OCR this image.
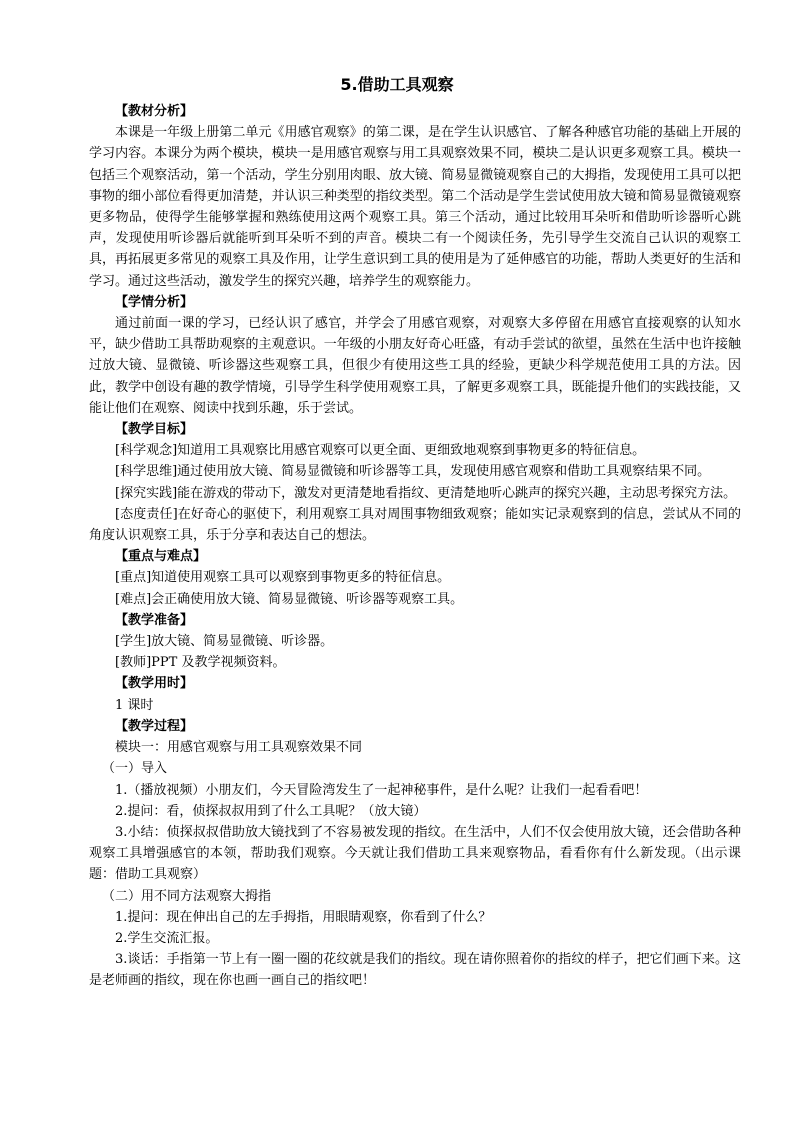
5.借助工具观察

【教材分析】

本课是一年级上册第二单元《用感官观察》的第二课，是在学生认识感官、了解各种感官功能的基础上开展的学习内容。本课分为两个模块，模块一是用感官观察与用工具观察效果不同，模块二是认识更多观察工具。模块一包括三个观察活动，第一个活动，学生分别用肉眼、放大镜、简易显微镜观察自己的大拇指，发现使用工具可以把事物的细小部位看得更加清楚，并认识三种类型的指纹类型。第二个活动是学生尝试使用放大镜和简易显微镜观察更多物品，使得学生能够掌握和熟练使用这两个观察工具。第三个活动，通过比较用耳朵听和借助听诊器听心跳声，发现使用听诊器后就能听到耳朵听不到的声音。模块二有一个阅读任务，先引导学生交流自己认识的观察工具，再拓展更多常见的观察工具及作用，让学生意识到工具的使用是为了延伸感官的功能，帮助人类更好的生活和学习。通过这些活动，激发学生的探究兴趣，培养学生的观察能力。

【学情分析】

通过前面一课的学习，已经认识了感官，并学会了用感官观察，对观察大多停留在用感官直接观察的认知水平，缺少借助工具帮助观察的主观意识。一年级的小朋友好奇心旺盛，有动手尝试的欲望，虽然在生活中也许接触过放大镜、显微镜、听诊器这些观察工具，但很少有使用这些工具的经验，更缺少科学规范使用工具的方法。因此，教学中创设有趣的教学情境，引导学生科学使用观察工具，了解更多观察工具，既能提升他们的实践技能，又能让他们在观察、阅读中找到乐趣，乐于尝试。

【教学目标】

[科学观念]知道用工具观察比用感官观察可以更全面、更细致地观察到事物更多的特征信息。

[科学思维]通过使用放大镜、简易显微镜和听诊器等工具，发现使用感官观察和借助工具观察结果不同。

[探究实践]能在游戏的带动下，激发对更清楚地看指纹、更清楚地听心跳声的探究兴趣，主动思考探究方法。

[态度责任]在好奇心的驱使下，利用观察工具对周围事物细致观察；能如实记录观察到的信息，尝试从不同的角度认识观察工具，乐于分享和表达自己的想法。

【重点与难点】

[重点]知道使用观察工具可以观察到事物更多的特征信息。

[难点]会正确使用放大镜、简易显微镜、听诊器等观察工具。

【教学准备】

[学生]放大镜、简易显微镜、听诊器。

[教师]PPT 及教学视频资料。

【教学用时】

1 课时

【教学过程】

模块一：用感官观察与用工具观察效果不同

（一）导入

1.（播放视频）小朋友们，今天冒险湾发生了一起神秘事件，是什么呢？让我们一起看看吧！

2.提问：看，侦探叔叔用到了什么工具呢？（放大镜）

3.小结：侦探叔叔借助放大镜找到了不容易被发现的指纹。在生活中，人们不仅会使用放大镜，还会借助各种观察工具增强感官的本领，帮助我们观察。今天就让我们借助工具来观察物品，看看你有什么新发现。（出示课题：借助工具观察）

（二）用不同方法观察大拇指

1.提问：现在伸出自己的左手拇指，用眼睛观察，你看到了什么？

2.学生交流汇报。

3.谈话：手指第一节上有一圈一圈的花纹就是我们的指纹。现在请你照着你的指纹的样子，把它们画下来。这是老师画的指纹，现在你也画一画自己的指纹吧！
